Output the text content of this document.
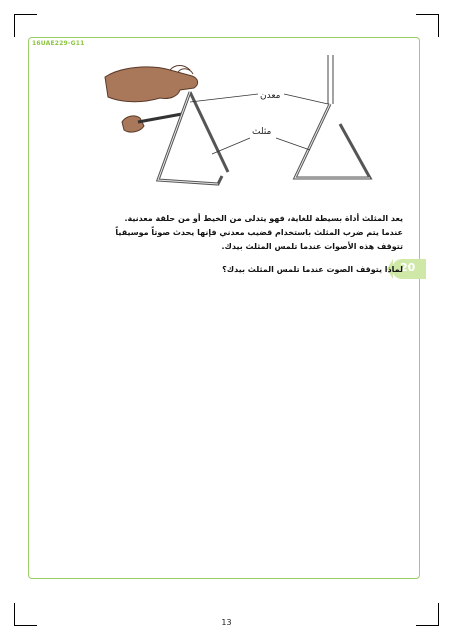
16UAE229-G11
معدن
مثلث

يعد المثلث أداة بسيطة للغاية، فهو يتدلى من الخيط أو من حلقة معدنية.

عندما يتم ضرب المثلث باستخدام قضيب معدني فإنها يحدث صوتاً موسيقياً

تتوقف هذه الأصوات عندما تلمس المثلث بيدك.

20
لماذا يتوقف الصوت عندما تلمس المثلث بيدك؟
13
